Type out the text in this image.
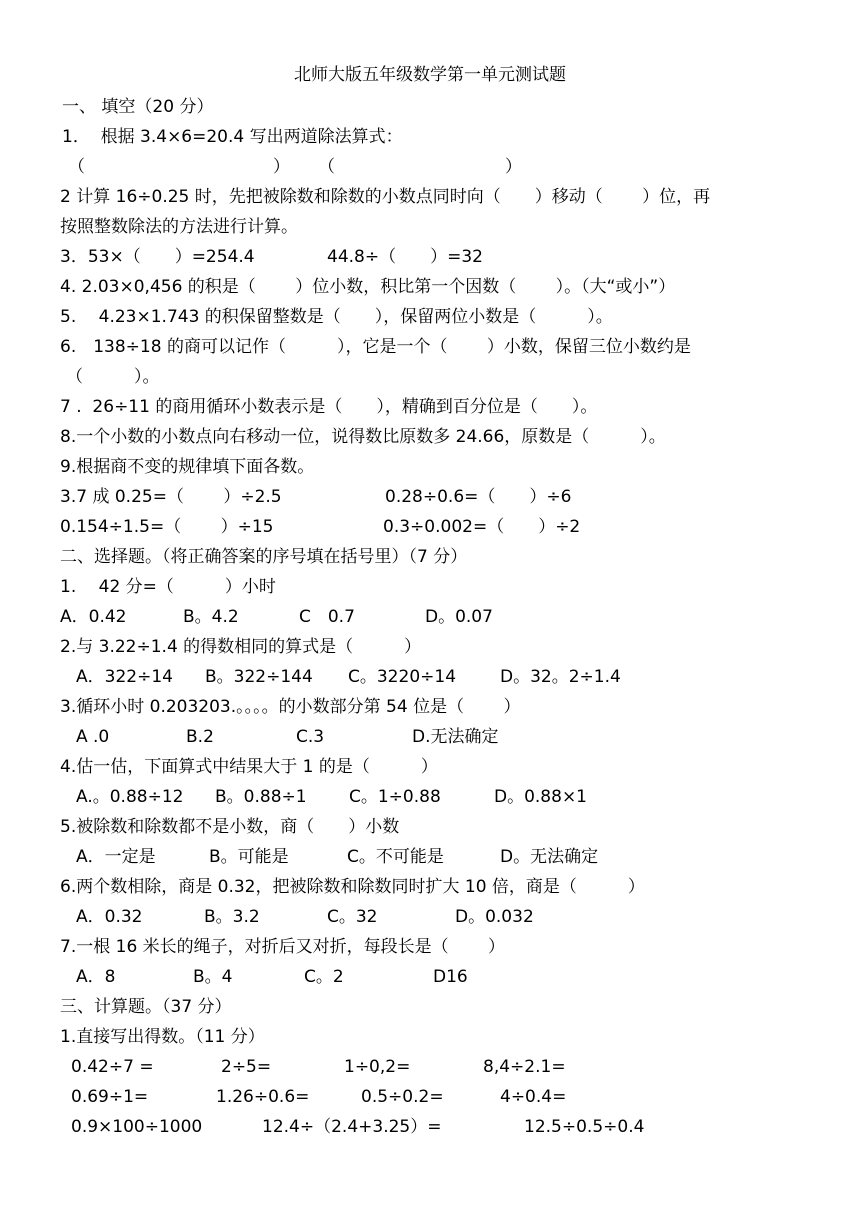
北师大版五年级数学第一单元测试题
一、 填空（20 分）
1．  根据 3.4×6=20.4 写出两道除法算式：
（	） （	）
2 计算 16÷0.25 时，先把被除数和除数的小数点同时向（　　）移动（　　 ）位，再
按照整数除法的方法进行计算。
3．53×（　　）=254.4	44.8÷（　　）=32
4. 2.03×0,456 的积是（　　 ）位小数，积比第一个因数（　　 ）。（大“或小”）
5.　 4.23×1.743 的积保留整数是（　　），保留两位小数是（　　　）。
6.　138÷18 的商可以记作（　　　），它是一个（　　 ）小数，保留三位小数约是
（　　　）。
7 .  26÷11 的商用循环小数表示是（　　），精确到百分位是（　　）。
8.一个小数的小数点向右移动一位，说得数比原数多 24.66，原数是（　　　）。
9.根据商不变的规律填下面各数。
3.7 成 0.25=（　　 ）÷2.5	0.28÷0.6=（　　）÷6
0.154÷1.5=（　　 ）÷15	0.3÷0.002=（　　）÷2
二、选择题。（将正确答案的序号填在括号里）（7 分）
1.　 42 分=（　　　）小时
A．0.42	B。4.2	C　0.7	D。0.07
2.与 3.22÷1.4 的得数相同的算式是（　　　）
A．322÷14 B。322÷144 C。3220÷14	D。32。2÷1.4
3.循环小时 0.203203.。。。。的小数部分第 54 位是（　　 ）
A .0	B.2	C.3	D.无法确定
4.估一估，下面算式中结果大于 1 的是（　　　）
A.。0.88÷12 B。0.88÷1 C。1÷0.88	D。0.88×1
5.被除数和除数都不是小数，商（　　）小数
A．一定是	B。可能是	C。不可能是	D。无法确定
6.两个数相除，商是 0.32，把被除数和除数同时扩大 10 倍，商是（　　　）
A．0.32	B。3.2	C。32	D。0.032
7.一根 16 米长的绳子，对折后又对折，每段长是（　　 ）
A．8	B。4	C。2	D16
三、计算题。（37 分）
1.直接写出得数。（11 分）
0.42÷7 =	2÷5=	1÷0,2=	8,4÷2.1=
0.69÷1=	1.26÷0.6=	0.5÷0.2=	4÷0.4=
0.9×100÷1000	12.4÷（2.4+3.25）=	12.5÷0.5÷0.4
